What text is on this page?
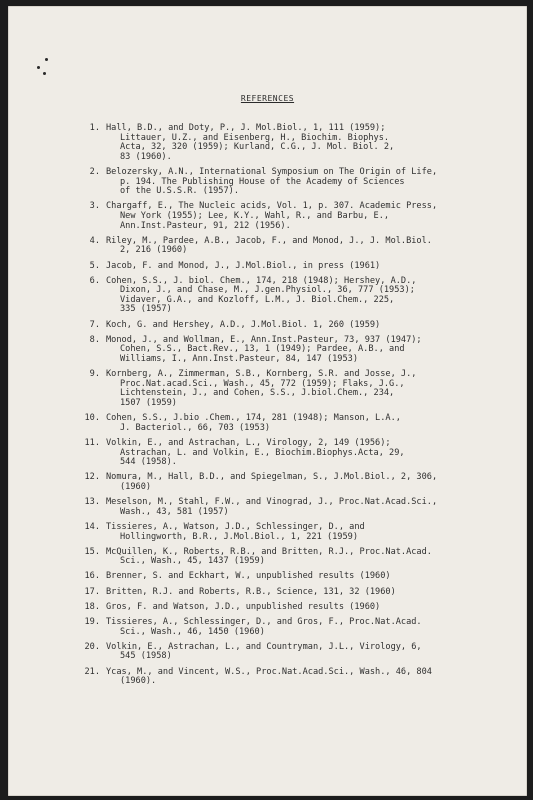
REFERENCES
1. Hall, B.D., and Doty, P., J. Mol.Biol., 1, 111 (1959);
Littauer, U.Z., and Eisenberg, H., Biochim. Biophys.
Acta, 32, 320 (1959); Kurland, C.G., J. Mol. Biol. 2,
83 (1960).
2. Belozersky, A.N., International Symposium on The Origin of Life,
p. 194. The Publishing House of the Academy of Sciences
of the U.S.S.R. (1957).
3. Chargaff, E., The Nucleic acids, Vol. 1, p. 307. Academic Press,
New York (1955); Lee, K.Y., Wahl, R., and Barbu, E.,
Ann.Inst.Pasteur, 91, 212 (1956).
4. Riley, M., Pardee, A.B., Jacob, F., and Monod, J., J. Mol.Biol.
2, 216 (1960)
5. Jacob, F. and Monod, J., J.Mol.Biol., in press (1961)
6. Cohen, S.S., J. biol. Chem., 174, 218 (1948); Hershey, A.D.,
Dixon, J., and Chase, M., J.gen.Physiol., 36, 777 (1953);
Vidaver, G.A., and Kozloff, L.M., J. Biol.Chem., 225,
335 (1957)
7. Koch, G. and Hershey, A.D., J.Mol.Biol. 1, 260 (1959)
8. Monod, J., and Wollman, E., Ann.Inst.Pasteur, 73, 937 (1947);
Cohen, S.S., Bact.Rev., 13, 1 (1949); Pardee, A.B., and
Williams, I., Ann.Inst.Pasteur, 84, 147 (1953)
9. Kornberg, A., Zimmerman, S.B., Kornberg, S.R. and Josse, J.,
Proc.Nat.acad.Sci., Wash., 45, 772 (1959); Flaks, J.G.,
Lichtenstein, J., and Cohen, S.S., J.biol.Chem., 234,
1507 (1959)
10. Cohen, S.S., J.bio .Chem., 174, 281 (1948); Manson, L.A.,
J. Bacteriol., 66, 703 (1953)
11. Volkin, E., and Astrachan, L., Virology, 2, 149 (1956);
Astrachan, L. and Volkin, E., Biochim.Biophys.Acta, 29,
544 (1958).
12. Nomura, M., Hall, B.D., and Spiegelman, S., J.Mol.Biol., 2, 306,
(1960)
13. Meselson, M., Stahl, F.W., and Vinograd, J., Proc.Nat.Acad.Sci.,
Wash., 43, 581 (1957)
14. Tissieres, A., Watson, J.D., Schlessinger, D., and
Hollingworth, B.R., J.Mol.Biol., 1, 221 (1959)
15. McQuillen, K., Roberts, R.B., and Britten, R.J., Proc.Nat.Acad.
Sci., Wash., 45, 1437 (1959)
16. Brenner, S. and Eckhart, W., unpublished results (1960)
17. Britten, R.J. and Roberts, R.B., Science, 131, 32 (1960)
18. Gros, F. and Watson, J.D., unpublished results (1960)
19. Tissieres, A., Schlessinger, D., and Gros, F., Proc.Nat.Acad.
Sci., Wash., 46, 1450 (1960)
20. Volkin, E., Astrachan, L., and Countryman, J.L., Virology, 6,
545 (1958)
21. Ycas, M., and Vincent, W.S., Proc.Nat.Acad.Sci., Wash., 46, 804
(1960).
